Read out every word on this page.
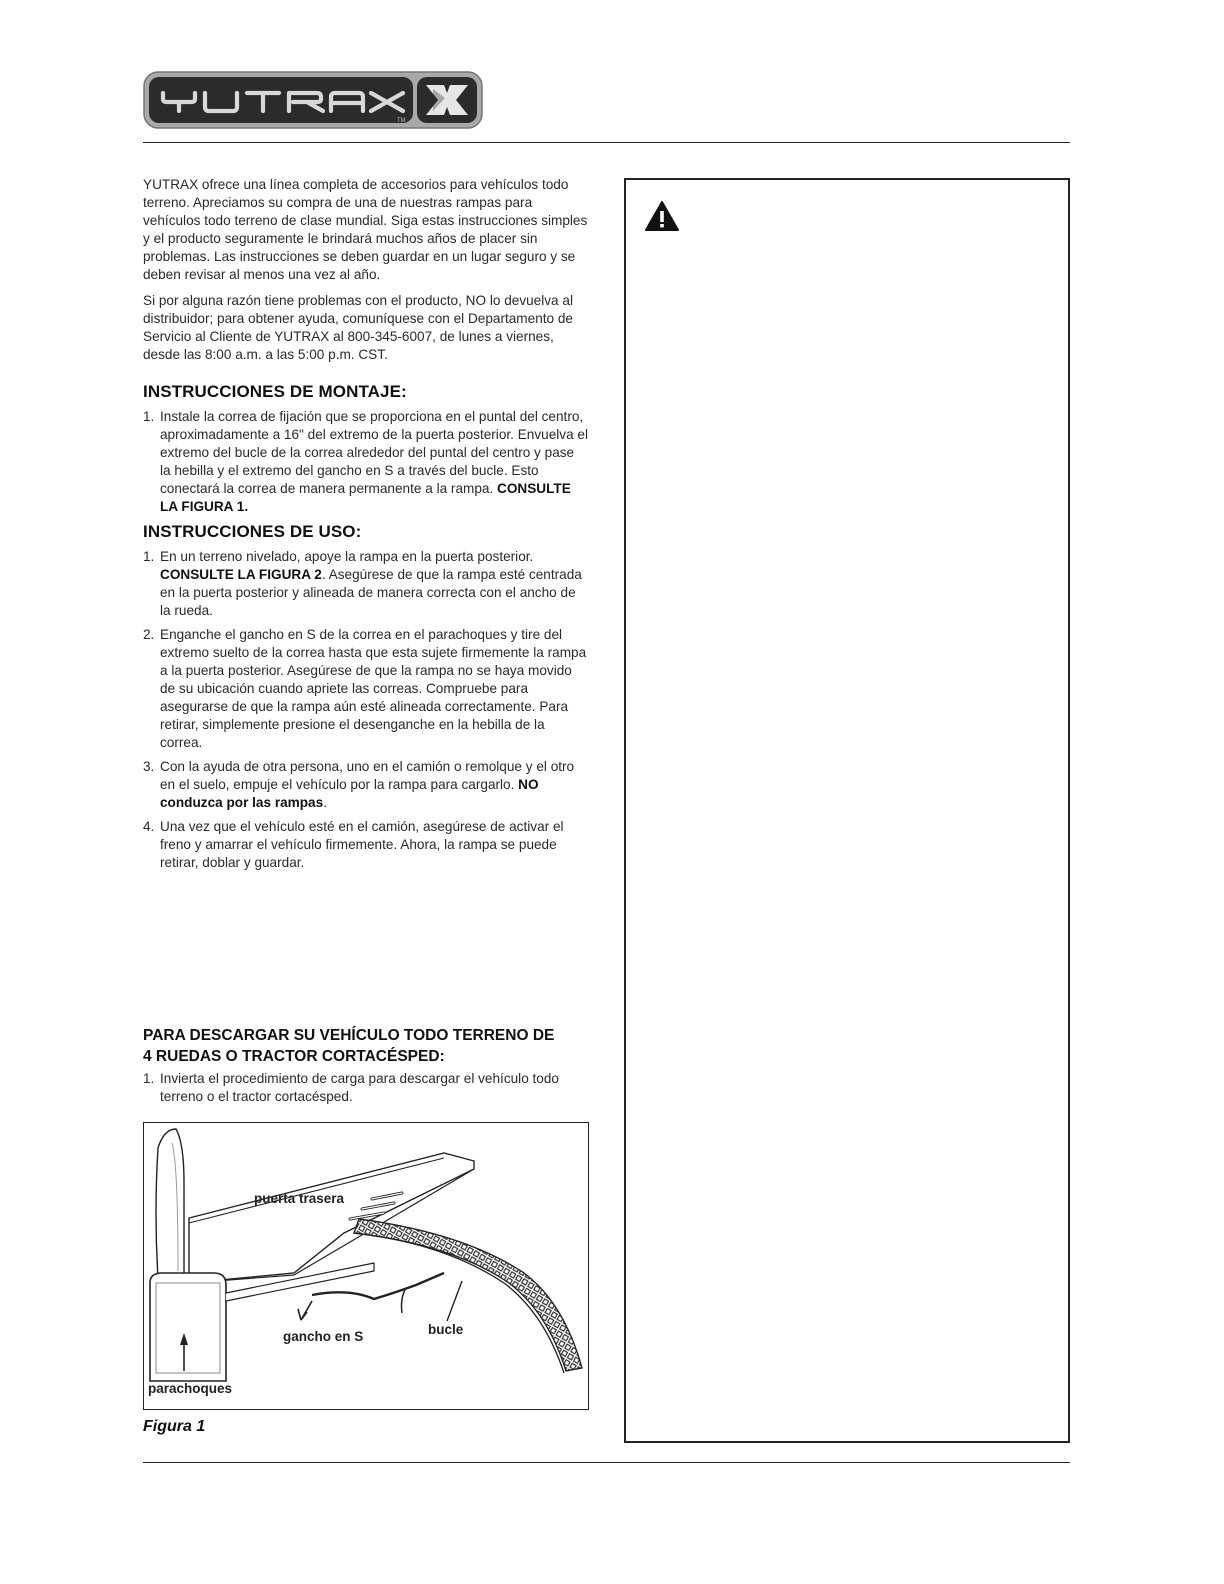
TM
YUTRAX

YUTRAX ofrece una línea completa de accesorios para vehículos todo terreno. Apreciamos su compra de una de nuestras rampas para vehículos todo terreno de clase mundial. Siga estas instrucciones simples y el producto seguramente le brindará muchos años de placer sin problemas. Las instrucciones se deben guardar en un lugar seguro y se deben revisar al menos una vez al año.

Si por alguna razón tiene problemas con el producto, NO lo devuelva al distribuidor; para obtener ayuda, comuníquese con el Departamento de Servicio al Cliente de YUTRAX al 800-345-6007, de lunes a viernes, desde las 8:00 a.m. a las 5:00 p.m. CST.

INSTRUCCIONES DE MONTAJE:
1. Instale la correa de fijación que se proporciona en el puntal del centro, aproximadamente a 16" del extremo de la puerta posterior. Envuelva el extremo del bucle de la correa alrededor del puntal del centro y pase la hebilla y el extremo del gancho en S a través del bucle. Esto conectará la correa de manera permanente a la rampa. CONSULTE LA FIGURA 1.
INSTRUCCIONES DE USO:
1. En un terreno nivelado, apoye la rampa en la puerta posterior. CONSULTE LA FIGURA 2. Asegúrese de que la rampa esté centrada en la puerta posterior y alineada de manera correcta con el ancho de la rueda.
2. Enganche el gancho en S de la correa en el parachoques y tire del extremo suelto de la correa hasta que esta sujete firmemente la rampa a la puerta posterior. Asegúrese de que la rampa no se haya movido de su ubicación cuando apriete las correas. Compruebe para asegurarse de que la rampa aún esté alineada correctamente. Para retirar, simplemente presione el desenganche en la hebilla de la correa.
3. Con la ayuda de otra persona, uno en el camión o remolque y el otro en el suelo, empuje el vehículo por la rampa para cargarlo. NO conduzca por las rampas.
4. Una vez que el vehículo esté en el camión, asegúrese de activar el freno y amarrar el vehículo firmemente. Ahora, la rampa se puede retirar, doblar y guardar.
PARA DESCARGAR SU VEHÍCULO TODO TERRENO DE
4 RUEDAS O TRACTOR CORTACÉSPED:
1. Invierta el procedimiento de carga para descargar el vehículo todo terreno o el tractor cortacésped.
puerta trasera
gancho en S	bucle
parachoques
Figura 1
